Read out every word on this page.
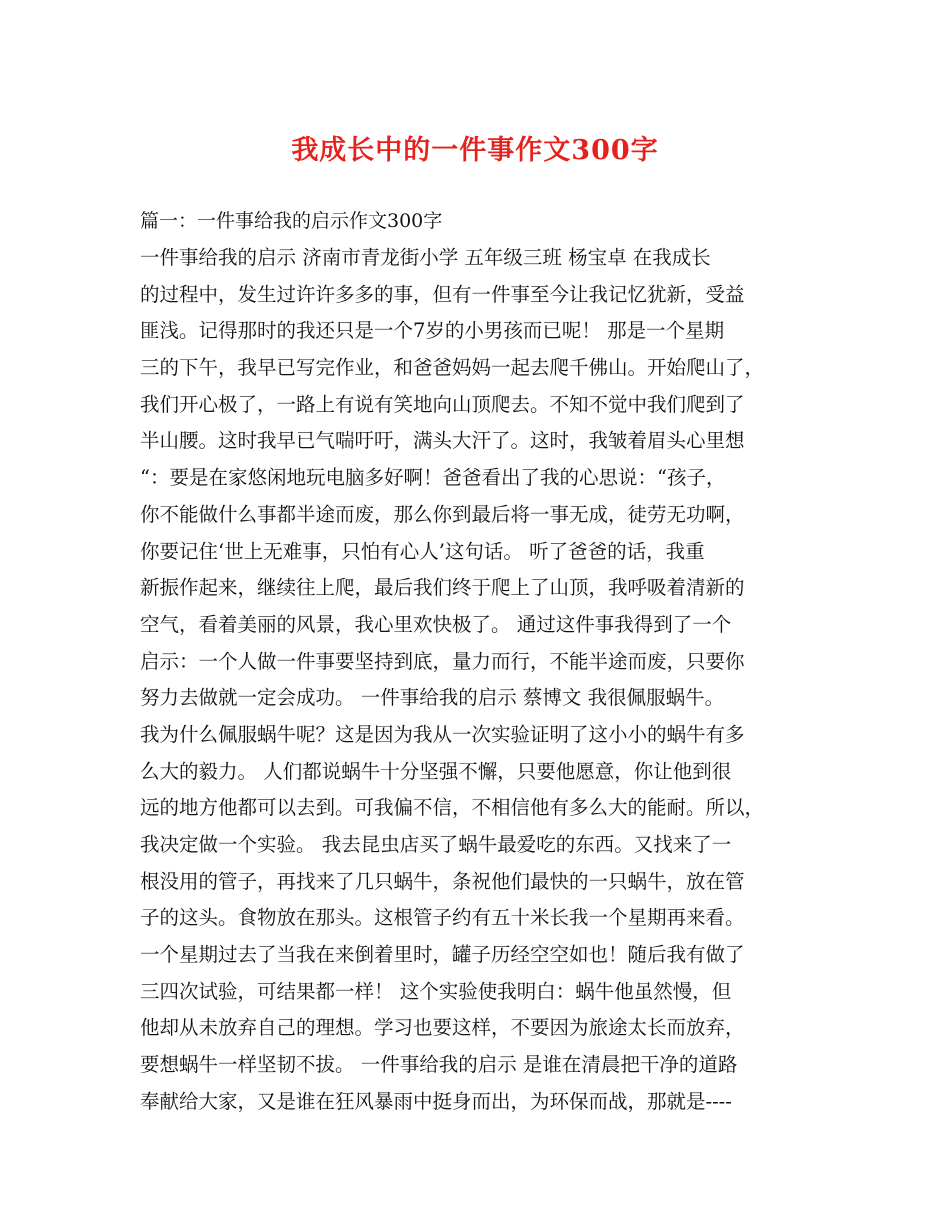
我成长中的一件事作文300字
篇一：一件事给我的启示作文300字
一件事给我的启示 济南市青龙街小学 五年级三班 杨宝卓 在我成长
的过程中，发生过许许多多的事，但有一件事至今让我记忆犹新，受益
匪浅。记得那时的我还只是一个7岁的小男孩而已呢！ 那是一个星期
三的下午，我早已写完作业，和爸爸妈妈一起去爬千佛山。开始爬山了，
我们开心极了，一路上有说有笑地向山顶爬去。不知不觉中我们爬到了
半山腰。这时我早已气喘吁吁，满头大汗了。这时，我皱着眉头心里想
“：要是在家悠闲地玩电脑多好啊！爸爸看出了我的心思说：“孩子，
你不能做什么事都半途而废，那么你到最后将一事无成，徒劳无功啊，
你要记住‘世上无难事，只怕有心人’这句话。 听了爸爸的话，我重
新振作起来，继续往上爬，最后我们终于爬上了山顶，我呼吸着清新的
空气，看着美丽的风景，我心里欢快极了。 通过这件事我得到了一个
启示：一个人做一件事要坚持到底，量力而行，不能半途而废，只要你
努力去做就一定会成功。 一件事给我的启示 蔡博文 我很佩服蜗牛。
我为什么佩服蜗牛呢？这是因为我从一次实验证明了这小小的蜗牛有多
么大的毅力。 人们都说蜗牛十分坚强不懈，只要他愿意，你让他到很
远的地方他都可以去到。可我偏不信，不相信他有多么大的能耐。所以，
我决定做一个实验。 我去昆虫店买了蜗牛最爱吃的东西。又找来了一
根没用的管子，再找来了几只蜗牛，条祝他们最快的一只蜗牛，放在管
子的这头。食物放在那头。这根管子约有五十米长我一个星期再来看。
一个星期过去了当我在来倒着里时，罐子历经空空如也！随后我有做了
三四次试验，可结果都一样！ 这个实验使我明白：蜗牛他虽然慢，但
他却从未放弃自己的理想。学习也要这样，不要因为旅途太长而放弃，
要想蜗牛一样坚韧不拔。 一件事给我的启示 是谁在清晨把干净的道路
奉献给大家，又是谁在狂风暴雨中挺身而出，为环保而战，那就是----
